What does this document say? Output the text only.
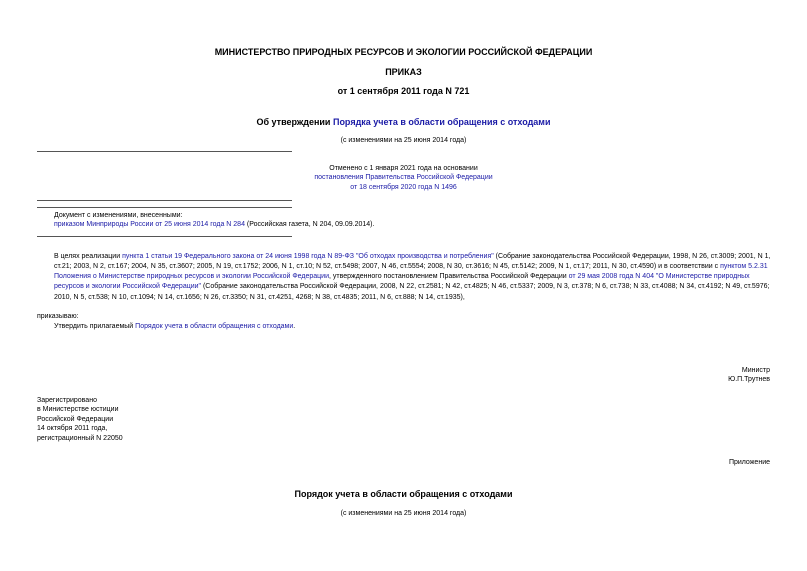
МИНИСТЕРСТВО ПРИРОДНЫХ РЕСУРСОВ И ЭКОЛОГИИ РОССИЙСКОЙ ФЕДЕРАЦИИ
ПРИКАЗ
от 1 сентября 2011 года N 721
Об утверждении Порядка учета в области обращения с отходами
(с изменениями на 25 июня 2014 года)
Отменено с 1 января 2021 года на основании
постановления Правительства Российской Федерации
от 18 сентября 2020 года N 1496
Документ с изменениями, внесенными:
приказом Минприроды России от 25 июня 2014 года N 284 (Российская газета, N 204, 09.09.2014).
В целях реализации пункта 1 статьи 19 Федерального закона от 24 июня 1998 года N 89-ФЗ "Об отходах производства и потребления" (Собрание законодательства Российской Федерации, 1998, N 26, ст.3009; 2001, N 1, ст.21; 2003, N 2, ст.167; 2004, N 35, ст.3607; 2005, N 19, ст.1752; 2006, N 1, ст.10; N 52, ст.5498; 2007, N 46, ст.5554; 2008, N 30, ст.3616; N 45, ст.5142; 2009, N 1, ст.17; 2011, N 30, ст.4590) и в соответствии с пунктом 5.2.31 Положения о Министерстве природных ресурсов и экологии Российской Федерации, утвержденного постановлением Правительства Российской Федерации от 29 мая 2008 года N 404 "О Министерстве природных ресурсов и экологии Российской Федерации" (Собрание законодательства Российской Федерации, 2008, N 22, ст.2581; N 42, ст.4825; N 46, ст.5337; 2009, N 3, ст.378; N 6, ст.738; N 33, ст.4088; N 34, ст.4192; N 49, ст.5976; 2010, N 5, ст.538; N 10, ст.1094; N 14, ст.1656; N 26, ст.3350; N 31, ст.4251, 4268; N 38, ст.4835; 2011, N 6, ст.888; N 14, ст.1935),
приказываю:
Утвердить прилагаемый Порядок учета в области обращения с отходами.
Министр
Ю.П.Трутнев
Зарегистрировано
в Министерстве юстиции
Российской Федерации
14 октября 2011 года,
регистрационный N 22050
Приложение
Порядок учета в области обращения с отходами
(с изменениями на 25 июня 2014 года)
